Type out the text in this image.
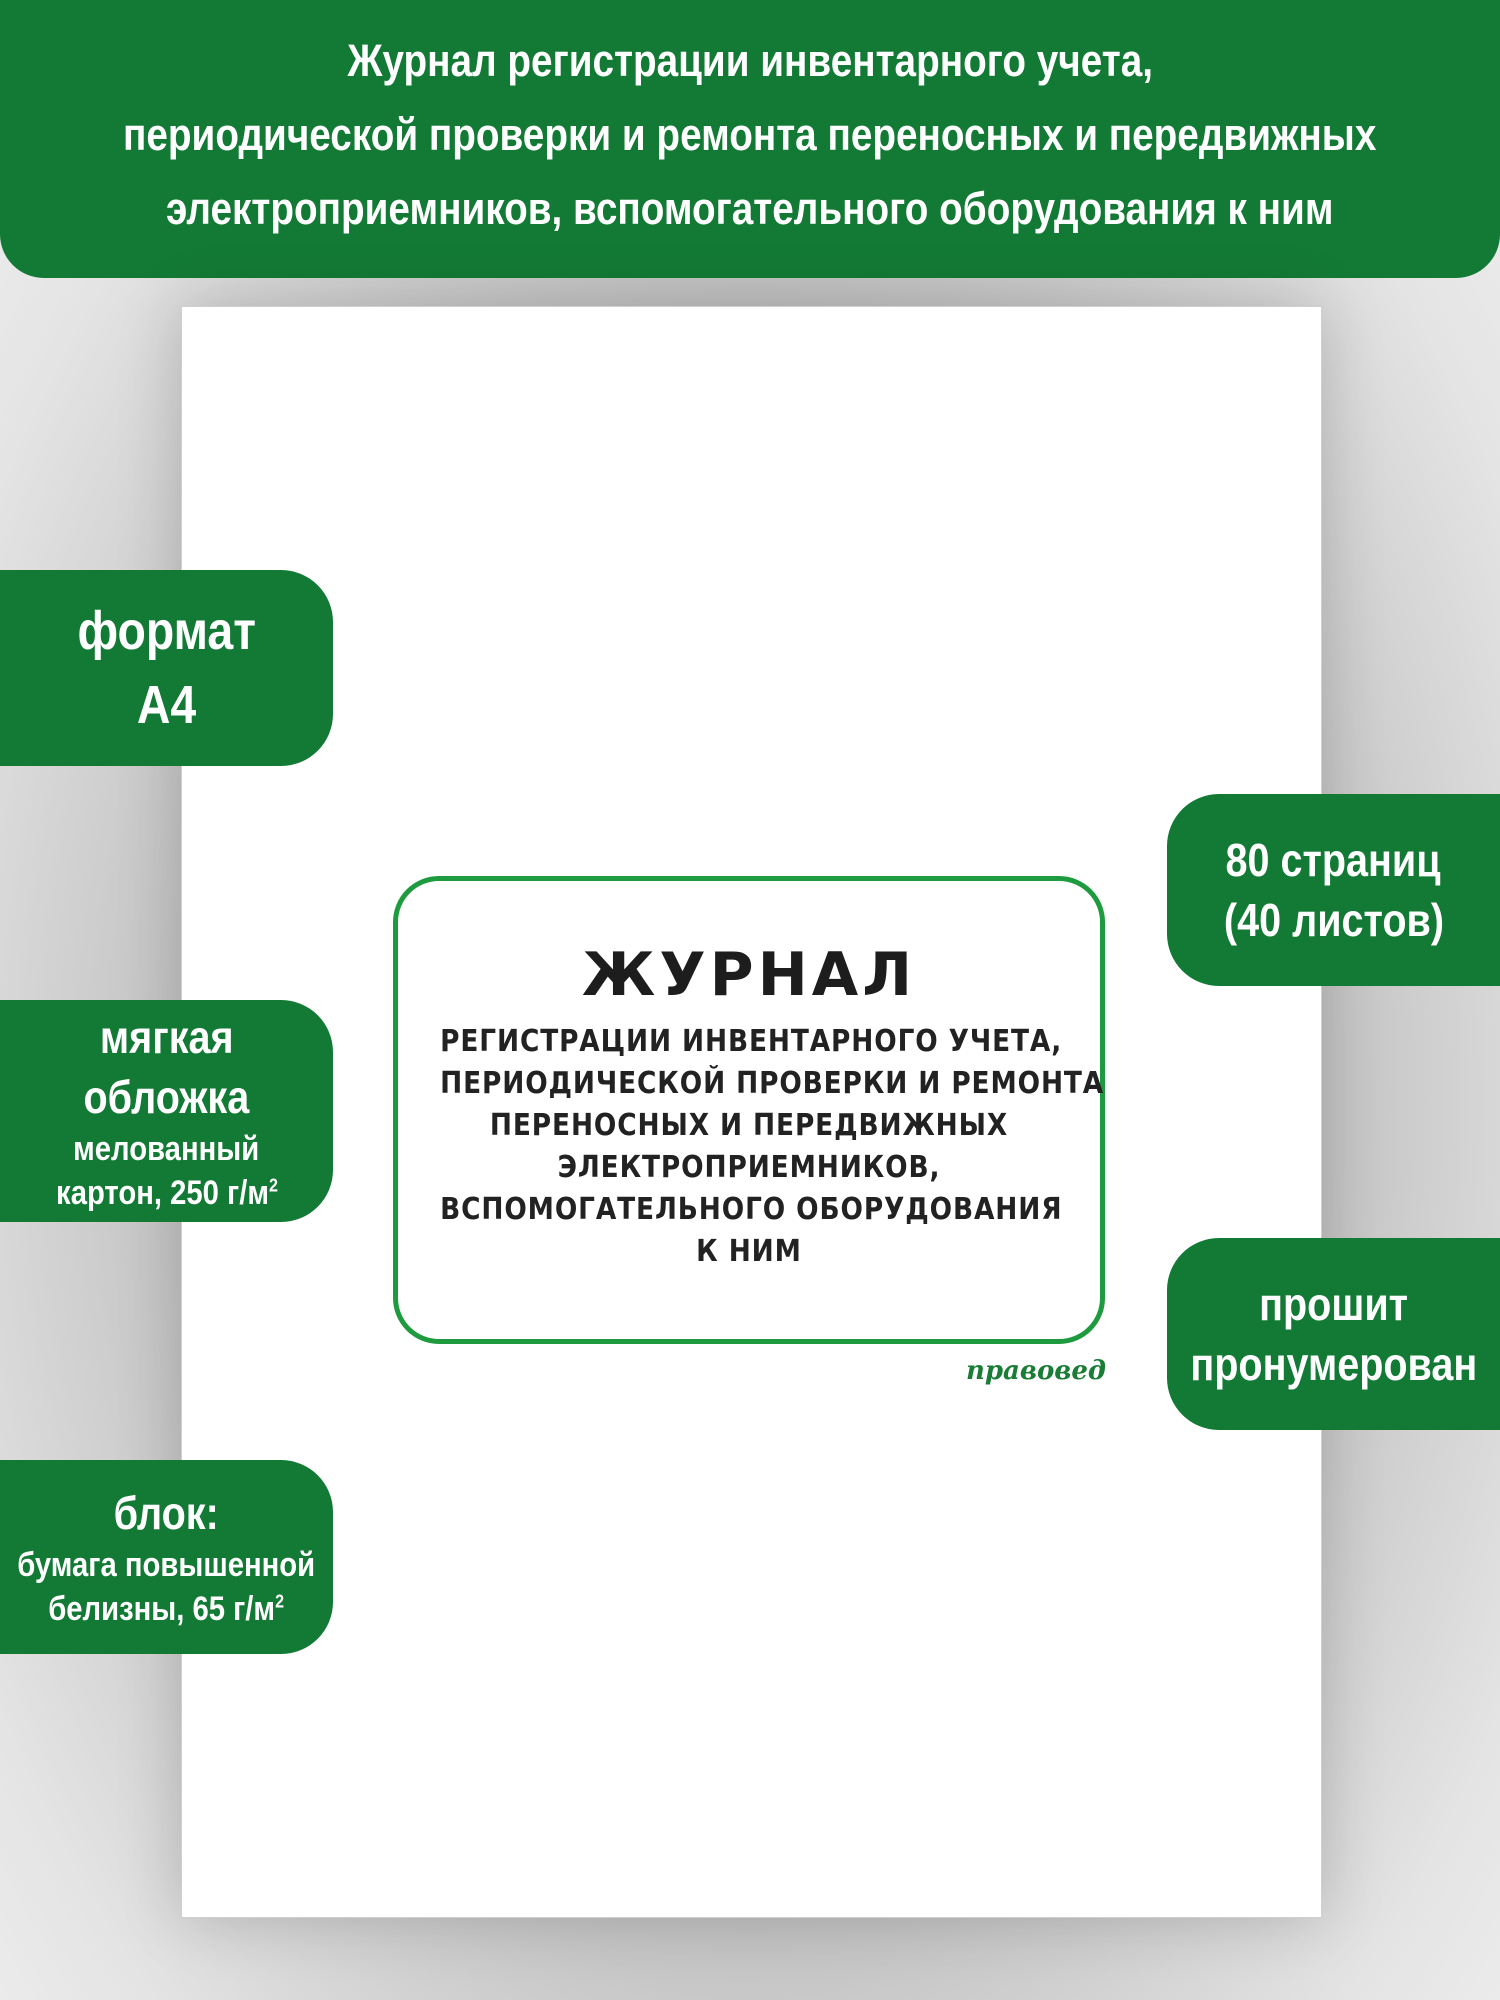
Журнал регистрации инвентарного учета,
периодической проверки и ремонта переносных и передвижных
электроприемников, вспомогательного оборудования к ним
ЖУРНАЛ
РЕГИСТРАЦИИ ИНВЕНТАРНОГО УЧЕТА,
ПЕРИОДИЧЕСКОЙ ПРОВЕРКИ И РЕМОНТА
ПЕРЕНОСНЫХ И ПЕРЕДВИЖНЫХ
ЭЛЕКТРОПРИЕМНИКОВ,
ВСПОМОГАТЕЛЬНОГО ОБОРУДОВАНИЯ
К НИМ
правовед
формат
А4
мягкая
обложка
мелованный
картон, 250 $г/м^2$
блок:
бумага повышенной
белизны, 65 $г/м^2$
80 страниц
(40 листов)
прошит
пронумерован
